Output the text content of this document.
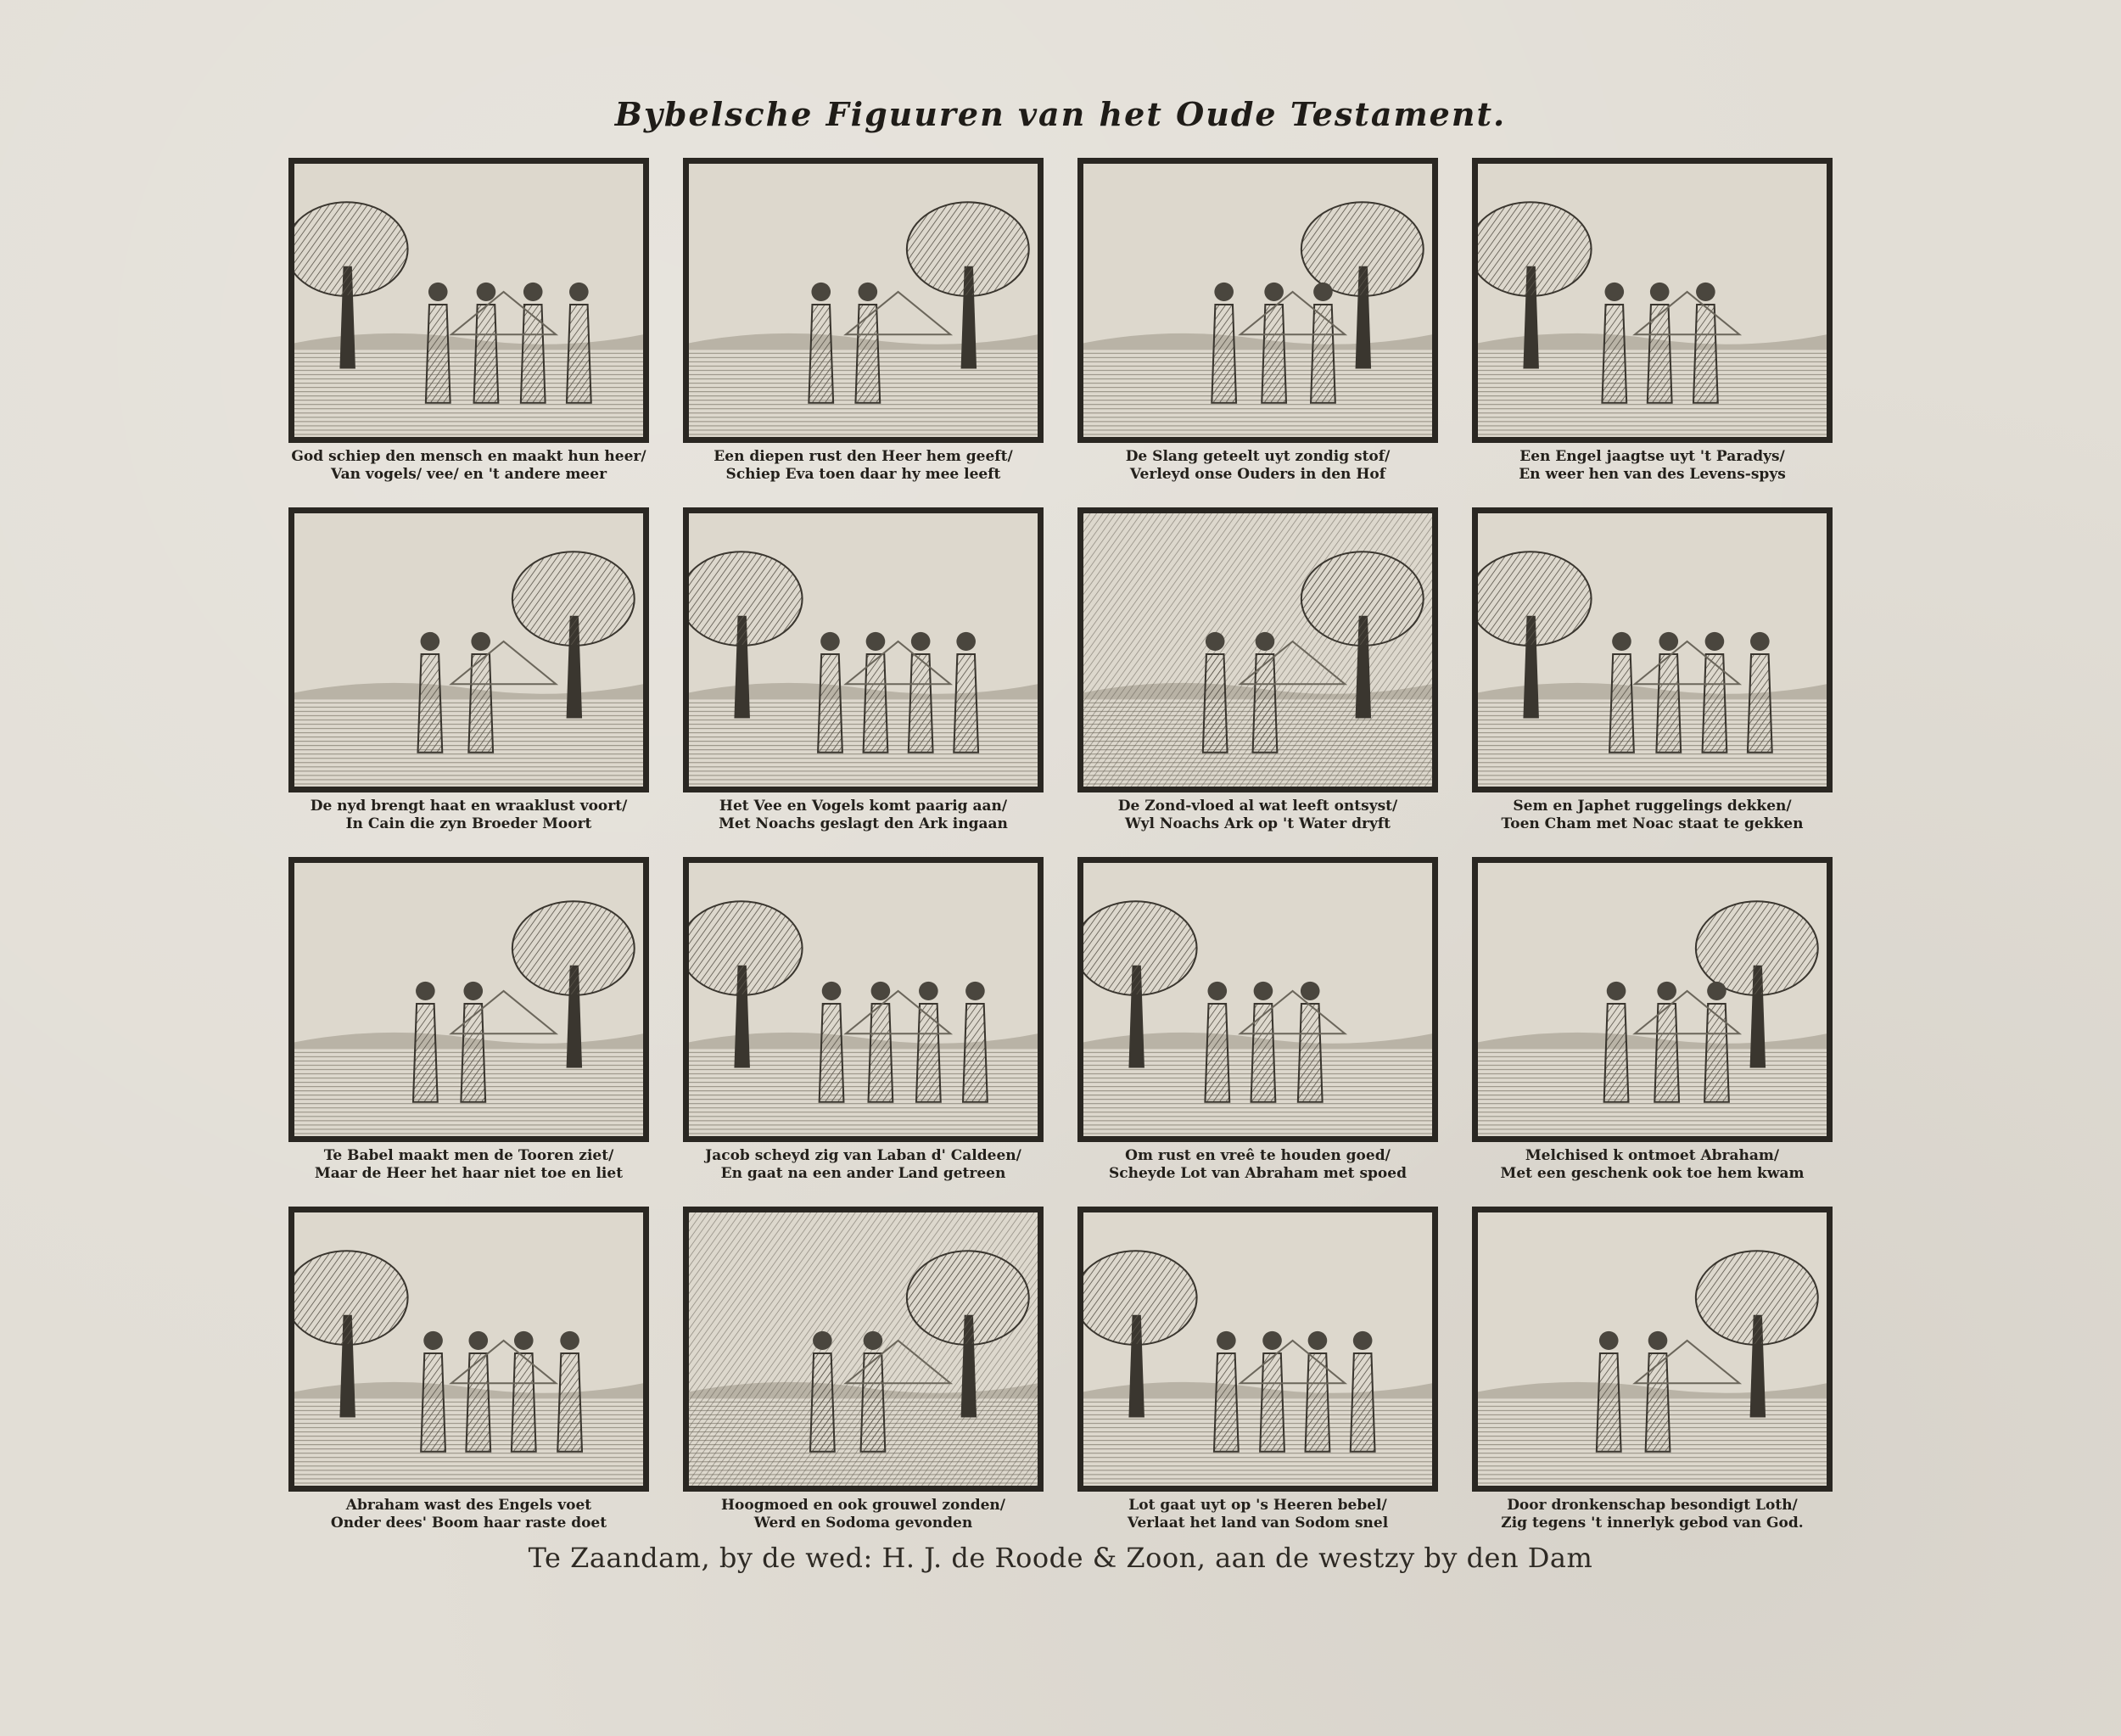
Bybelsche Figuuren van het Oude Testament.
God schiep den mensch en maakt hun heer/
Van vogels/ vee/ en 't andere meer
Een diepen rust den Heer hem geeft/
Schiep Eva toen daar hy mee leeft
De Slang geteelt uyt zondig stof/
Verleyd onse Ouders in den Hof
Een Engel jaagtse uyt 't Paradys/
En weer hen van des Levens-spys
De nyd brengt haat en wraaklust voort/
In Cain die zyn Broeder Moort
Het Vee en Vogels komt paarig aan/
Met Noachs geslagt den Ark ingaan
De Zond-vloed al wat leeft ontsyst/
Wyl Noachs Ark op 't Water dryft
Sem en Japhet ruggelings dekken/
Toen Cham met Noac staat te gekken
Te Babel maakt men de Tooren ziet/
Maar de Heer het haar niet toe en liet
Jacob scheyd zig van Laban d' Caldeen/
En gaat na een ander Land getreen
Om rust en vreê te houden goed/
Scheyde Lot van Abraham met spoed
Melchised k ontmoet Abraham/
Met een geschenk ook toe hem kwam
Abraham wast des Engels voet
Onder dees' Boom haar raste doet
Hoogmoed en ook grouwel zonden/
Werd en Sodoma gevonden
Lot gaat uyt op 's Heeren bebel/
Verlaat het land van Sodom snel
Door dronkenschap besondigt Loth/
Zig tegens 't innerlyk gebod van God.
Te Zaandam, by de wed: H. J. de Roode & Zoon, aan de westzy by den Dam
